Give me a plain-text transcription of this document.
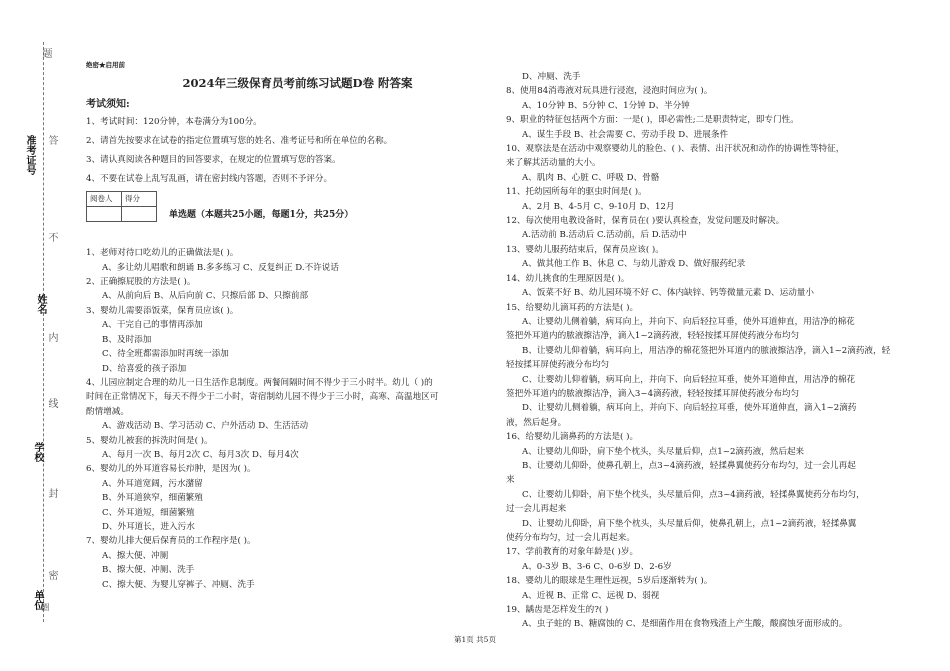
题
答
准考证号
不
姓名
内
线
学校
封
密
单位
圈
绝密★启用前
2024年三级保育员考前练习试题D卷 附答案
考试须知:

1、考试时间：120分钟，本卷满分为100分。

2、请首先按要求在试卷的指定位置填写您的姓名、准考证号和所在单位的名称。

3、请认真阅读各种题目的回答要求，在规定的位置填写您的答案。

4、不要在试卷上乱写乱画，请在密封线内答题，否则不予评分。

阅卷人	得分

单选题（本题共25小题，每题1分，共25分）
1、老师对待口吃幼儿的正确做法是( )。
A、多让幼儿唱歌和朗诵 B.多多练习 C、反复纠正 D.不许说话
2、正确擦屁股的方法是( )。
A、从前向后 B、从后向前 C、只擦后部 D、只擦前部
3、婴幼儿需要添饭菜，保育员应该( )。
A、干完自己的事情再添加
B、及时添加
C、待全班都需添加时再统一添加
D、给喜爱的孩子添加
4、儿园应制定合理的幼儿一日生活作息制度。两餐间隔时间不得少于三小时半。幼儿（ )的
时间在正常情况下，每天不得少于二小时，寄宿制幼儿园不得少于三小时，高寒、高温地区可
酌情增减。
A、游戏活动 B、学习活动 C、户外活动 D、生活活动
5、婴幼儿被套的拆洗时间是( )。
A、每月一次 B、每月2次 C、每月3次 D、每月4次
6、婴幼儿的外耳道容易长疖肿，是因为( )。
A、外耳道宽阔，污水潴留
B、外耳道狭窄，细菌繁殖
C、外耳道短，细菌繁殖
D、外耳道长，进入污水
7、婴幼儿排大便后保育员的工作程序是( )。
A、擦大便、冲厕
B、擦大便、冲厕、洗手
C、擦大便、为婴儿穿裤子、冲厕、洗手
D、冲厕、洗手
8、使用84消毒液对玩具进行浸泡，浸泡时间应为( )。
A、10分钟 B、5分钟 C、1分钟 D、半分钟
9、职业的特征包括两个方面：一是( )，即必需性;二是职责特定，即专门性。
A、谋生手段 B、社会需要 C、劳动手段 D、进展条件
10、观察法是在活动中观察婴幼儿的脸色、( )、表情、出汗状况和动作的协调性等特征，
来了解其活动量的大小。
A、肌肉 B、心脏 C、呼吸 D、骨骼
11、托幼园所每年的驱虫时间是( )。
A、2月 B、4-5月 C、9-10月 D、12月
12、每次使用电教设备时，保育员在( )要认真检查，发觉问题及时解决。
A.活动前 B.活动后 C.活动前，后 D.活动中
13、婴幼儿服药结束后，保育员应该( )。
A、做其他工作 B、休息 C、与幼儿游戏 D、做好服药纪录
14、幼儿挑食的生理原因是( )。
A、饭菜不好 B、幼儿园环境不好 C、体内缺锌、钙等微量元素 D、运动量小
15、给婴幼儿滴耳药的方法是( )。
A、让婴幼儿侧着躺，病耳向上，并向下、向后轻拉耳垂，使外耳道伸直，用洁净的棉花
签把外耳道内的脓液擦洁净，滴入1~2滴药液，轻轻按揉耳屏使药液分布均匀
B、让婴幼儿仰着躺，病耳向上，用洁净的棉花签把外耳道内的脓液擦洁净，滴入1~2滴药液，轻
轻按揉耳屏使药液分布均匀
C、让婴幼儿仰着躺，病耳向上，并向下、向后轻拉耳垂，使外耳道伸直，用洁净的棉花
签把外耳道内的脓液擦洁净，滴入3~4滴药液，轻轻按揉耳屏使药液分布均匀
D、让婴幼儿侧着躺，病耳向上，并向下、向后轻拉耳垂，使外耳道伸直，滴入1~2滴药
液，然后起身。
16、给婴幼儿滴鼻药的方法是( )。
A、让婴幼儿仰卧，肩下垫个枕头，头尽量后仰，点1~2滴药液，然后起来
B、让婴幼儿仰卧，使鼻孔朝上，点3~4滴药液，轻揉鼻翼使药分布均匀，过一会儿再起
来
C、让婴幼儿仰卧，肩下垫个枕头，头尽量后仰，点3~4滴药液，轻揉鼻翼使药分布均匀，
过一会儿再起来
D、让婴幼儿仰卧，肩下垫个枕头，头尽量后仰，使鼻孔朝上，点1~2滴药液，轻揉鼻翼
使药分布均匀，过一会儿再起来。
17、学前教育的对象年龄是( )岁。
A、0-3岁 B、3-6 C、0-6岁 D、2-6岁
18、婴幼儿的眼球是生理性远视，5岁后逐渐转为( )。
A、近视 B、正常 C、远视 D、弱视
19、龋齿是怎样发生的?( )
A、虫子蛀的 B、糖腐蚀的 C、是细菌作用在食物残渣上产生酸，酸腐蚀牙面形成的。
第1页 共5页
